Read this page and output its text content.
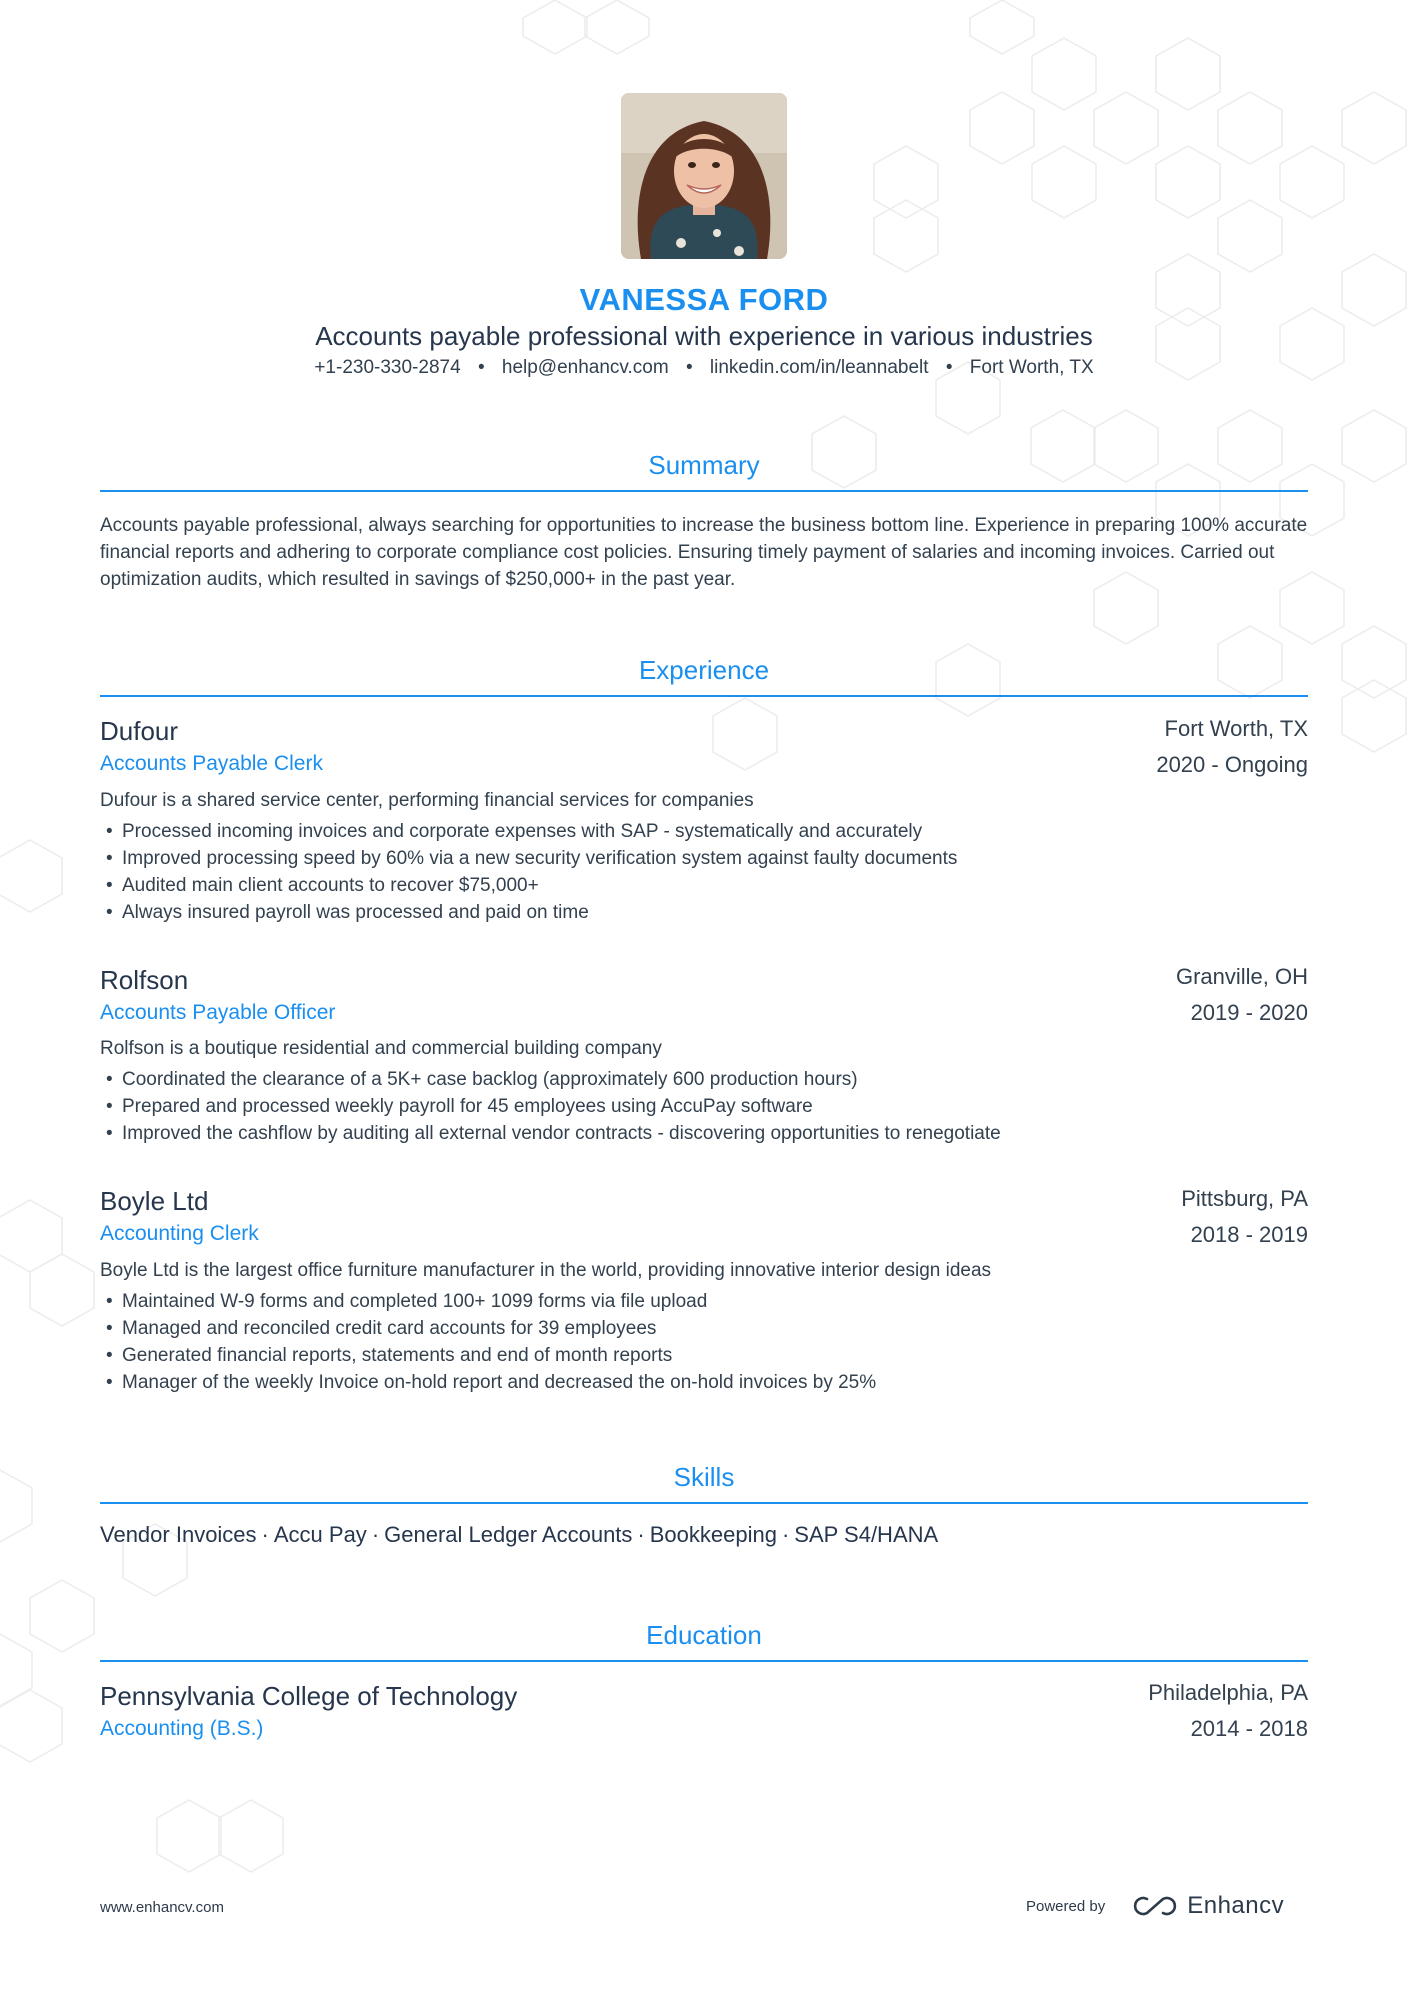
VANESSA FORD
Accounts payable professional with experience in various industries
+1-230-330-2874 • help@enhancv.com • linkedin.com/in/leannabelt • Fort Worth, TX
Summary
Accounts payable professional, always searching for opportunities to increase the business bottom line. Experience in preparing 100% accurate financial reports and adhering to corporate compliance cost policies. Ensuring timely payment of salaries and incoming invoices. Carried out optimization audits, which resulted in savings of $250,000+ in the past year.
Experience
Dufour	Fort Worth, TX
Accounts Payable Clerk	2020 - Ongoing
Dufour is a shared service center, performing financial services for companies
• Processed incoming invoices and corporate expenses with SAP - systematically and accurately
• Improved processing speed by 60% via a new security verification system against faulty documents
• Audited main client accounts to recover $75,000+
• Always insured payroll was processed and paid on time
Rolfson	Granville, OH
Accounts Payable Officer	2019 - 2020
Rolfson is a boutique residential and commercial building company
• Coordinated the clearance of a 5K+ case backlog (approximately 600 production hours)
• Prepared and processed weekly payroll for 45 employees using AccuPay software
• Improved the cashflow by auditing all external vendor contracts - discovering opportunities to renegotiate
Boyle Ltd	Pittsburg, PA
Accounting Clerk	2018 - 2019
Boyle Ltd is the largest office furniture manufacturer in the world, providing innovative interior design ideas
• Maintained W-9 forms and completed 100+ 1099 forms via file upload
• Managed and reconciled credit card accounts for 39 employees
• Generated financial reports, statements and end of month reports
• Manager of the weekly Invoice on-hold report and decreased the on-hold invoices by 25%
Skills
Vendor Invoices · Accu Pay · General Ledger Accounts · Bookkeeping · SAP S4/HANA
Education
Pennsylvania College of Technology	Philadelphia, PA
Accounting (B.S.)	2014 - 2018
www.enhancv.com	Powered by	Enhancv
